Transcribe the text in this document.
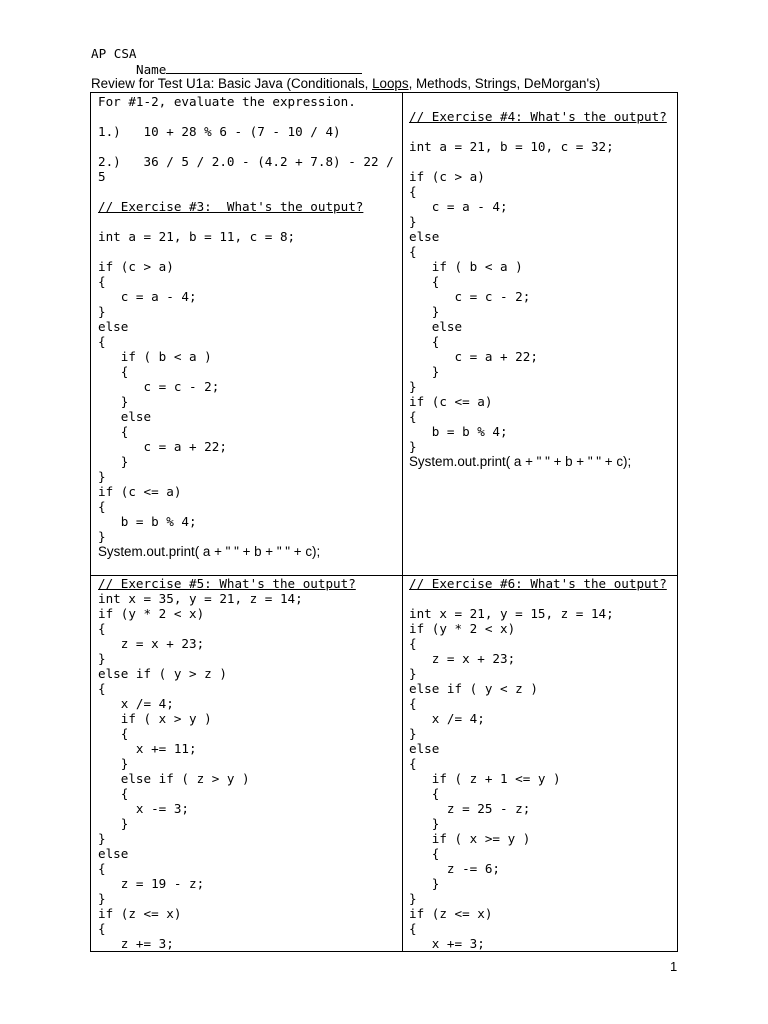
AP CSA
Name
Review for Test U1a: Basic Java (Conditionals, Loops, Methods, Strings, DeMorgan's)
For #1-2, evaluate the expression.
1.)   10 + 28 % 6 - (7 - 10 / 4)
2.)   36 / 5 / 2.0 - (4.2 + 7.8) - 22 /
5
// Exercise #3:  What's the output?
int a = 21, b = 11, c = 8;
if (c > a)
{
c = a - 4;
}
else
{
if ( b < a )
{
c = c - 2;
}
else
{
c = a + 22;
}
}
if (c <= a)
{
b = b % 4;
}
System.out.print( a + " " + b + " " + c);
// Exercise #4: What's the output?
int a = 21, b = 10, c = 32;
if (c > a)
{
c = a - 4;
}
else
{
if ( b < a )
{
c = c - 2;
}
else
{
c = a + 22;
}
}
if (c <= a)
{
b = b % 4;
}
System.out.print( a + " " + b + " " + c);
// Exercise #5: What's the output?
int x = 35, y = 21, z = 14;
if (y * 2 < x)
{
z = x + 23;
}
else if ( y > z )
{
x /= 4;
if ( x > y )
{
x += 11;
}
else if ( z > y )
{
x -= 3;
}
}
else
{
z = 19 - z;
}
if (z <= x)
{
z += 3;
// Exercise #6: What's the output?
int x = 21, y = 15, z = 14;
if (y * 2 < x)
{
z = x + 23;
}
else if ( y < z )
{
x /= 4;
}
else
{
if ( z + 1 <= y )
{
z = 25 - z;
}
if ( x >= y )
{
z -= 6;
}
}
if (z <= x)
{
x += 3;
1
